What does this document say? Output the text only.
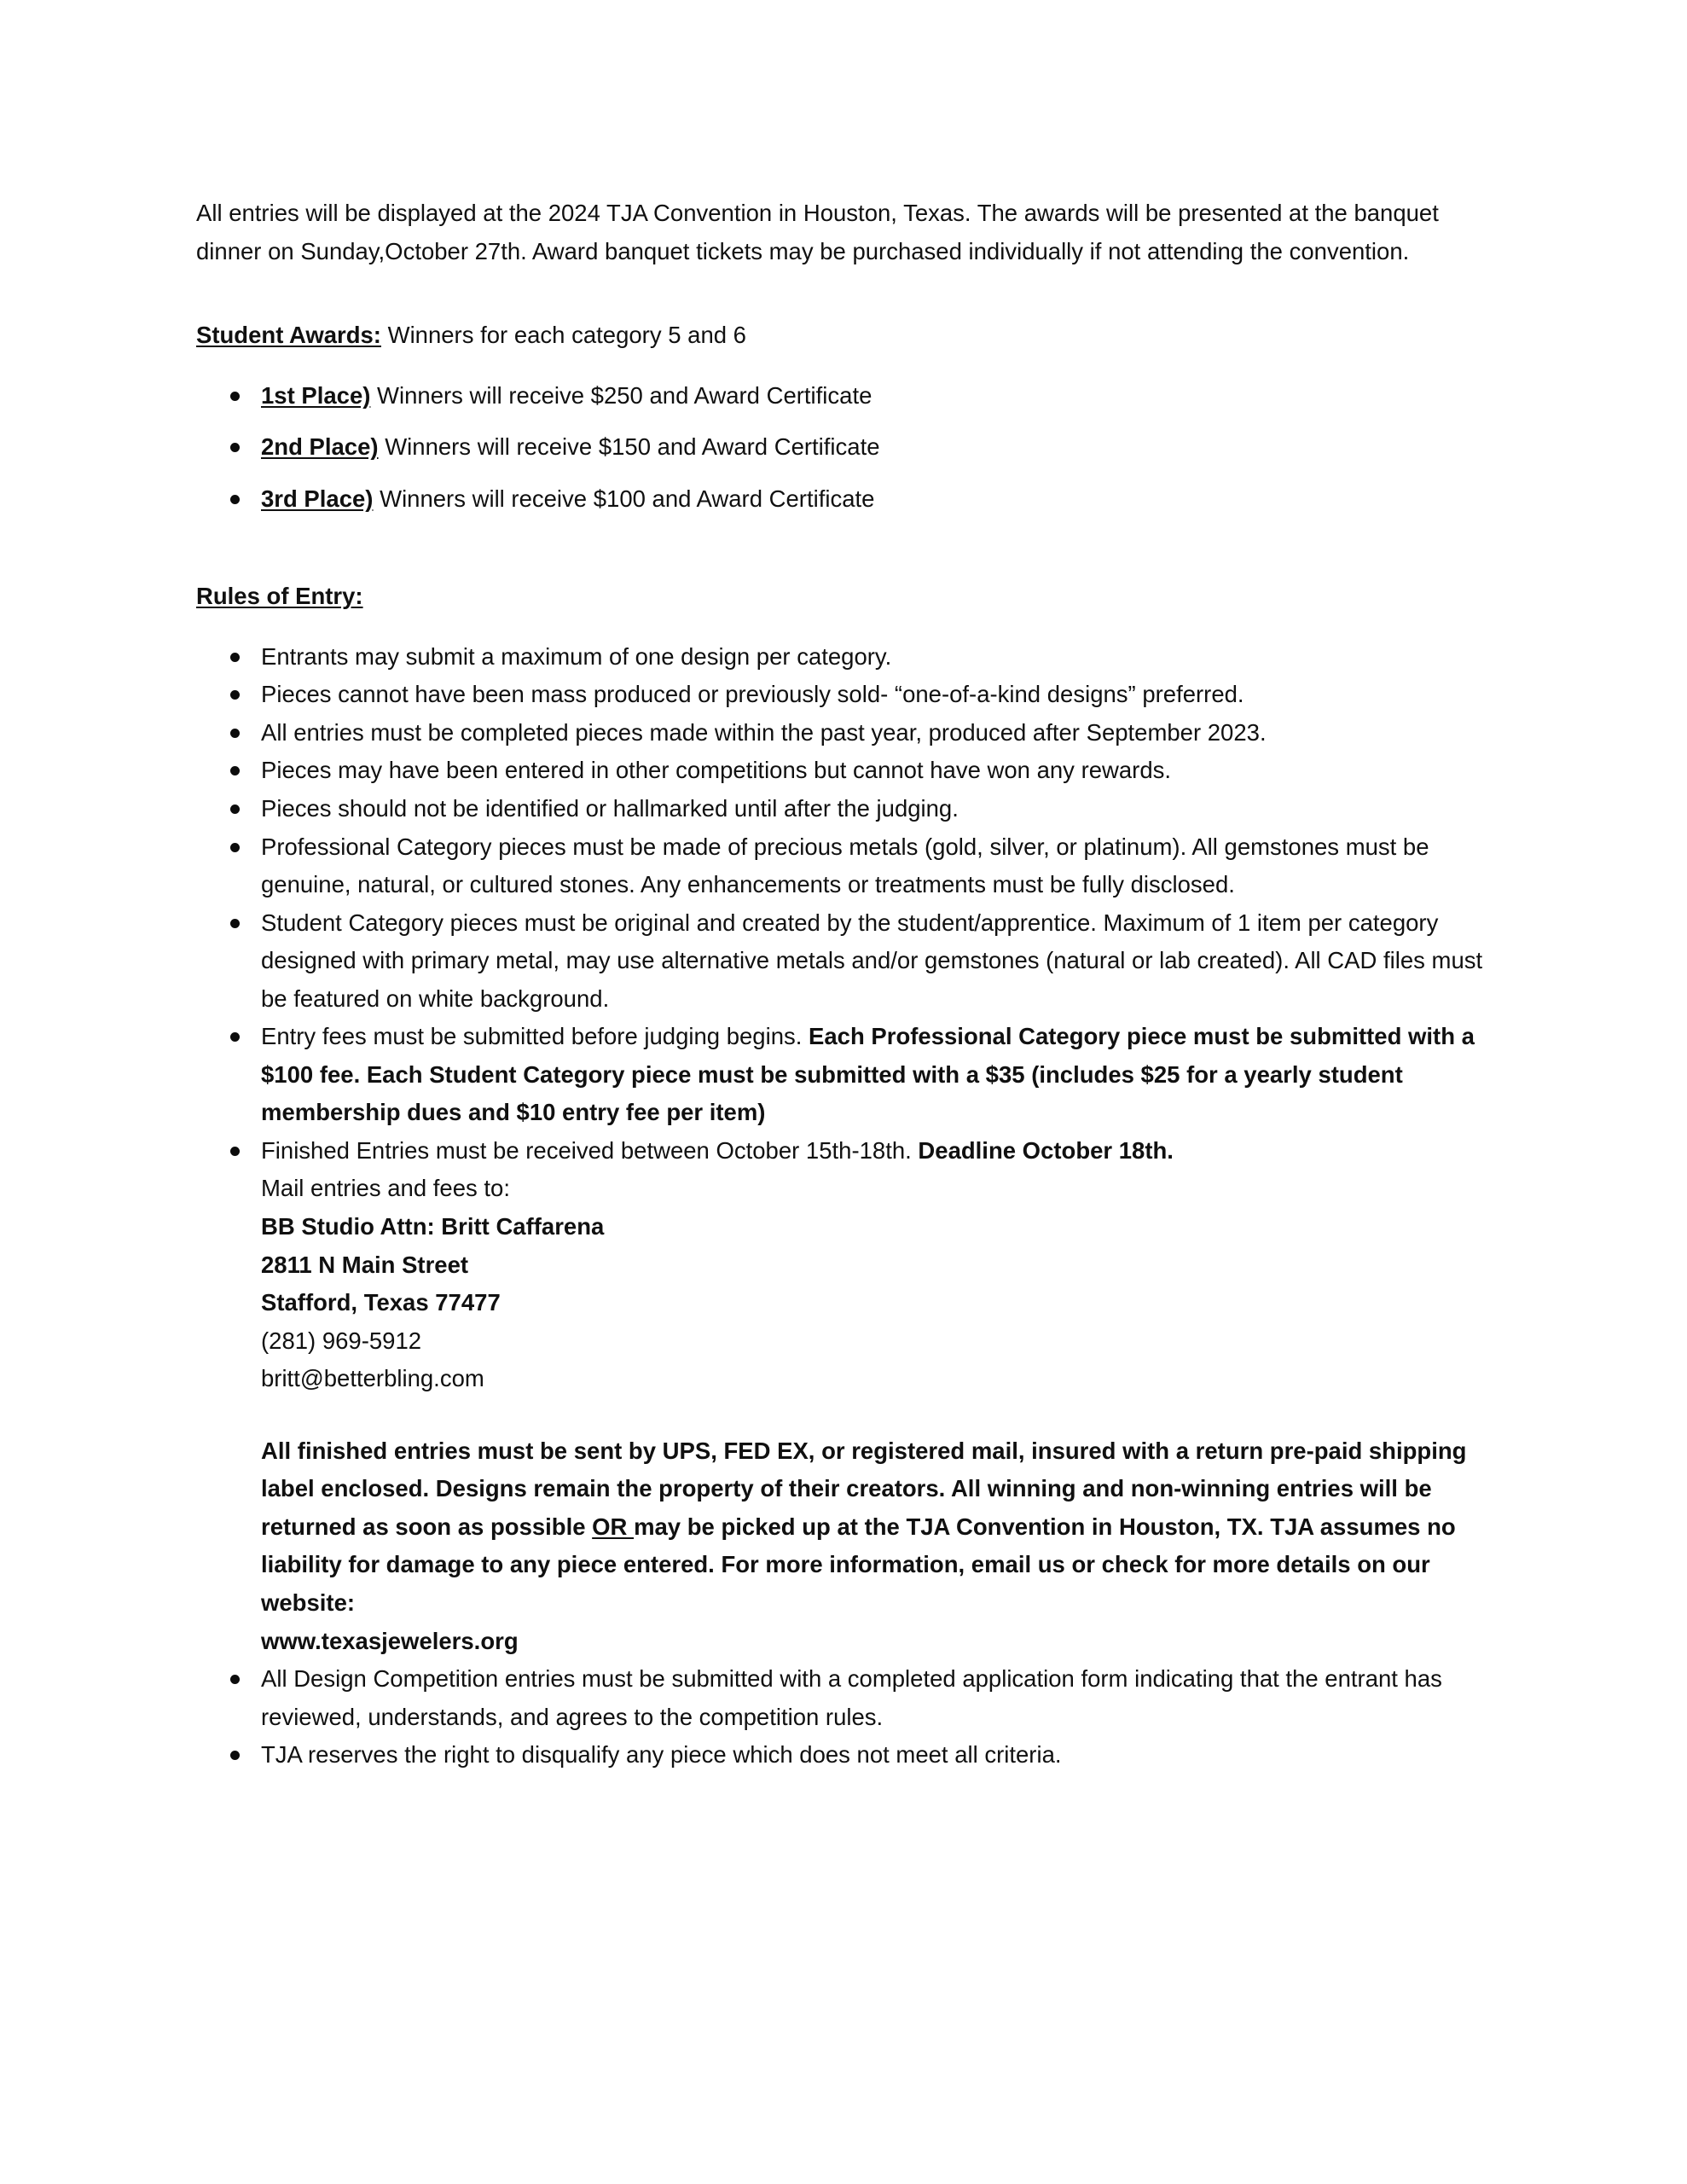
All entries will be displayed at the 2024 TJA Convention in Houston, Texas. The awards will be presented at the banquet dinner on Sunday,October 27th. Award banquet tickets may be purchased individually if not attending the convention.

Student Awards: Winners for each category 5 and 6

1st Place) Winners will receive $250 and Award Certificate
2nd Place) Winners will receive $150 and Award Certificate
3rd Place) Winners will receive $100 and Award Certificate

Rules of Entry:

Entrants may submit a maximum of one design per category.
Pieces cannot have been mass produced or previously sold- “one-of-a-kind designs” preferred.
All entries must be completed pieces made within the past year, produced after September 2023.
Pieces may have been entered in other competitions but cannot have won any rewards.
Pieces should not be identified or hallmarked until after the judging.
Professional Category pieces must be made of precious metals (gold, silver, or platinum). All gemstones must be genuine, natural, or cultured stones. Any enhancements or treatments must be fully disclosed.
Student Category pieces must be original and created by the student/apprentice. Maximum of 1 item per category designed with primary metal, may use alternative metals and/or gemstones (natural or lab created). All CAD files must be featured on white background.
Entry fees must be submitted before judging begins. Each Professional Category piece must be submitted with a $100 fee. Each Student Category piece must be submitted with a $35 (includes $25 for a yearly student membership dues and $10 entry fee per item)
Finished Entries must be received between October 15th-18th. Deadline October 18th.

Mail entries and fees to:

BB Studio Attn: Britt Caffarena

2811 N Main Street

Stafford, Texas 77477

(281) 969-5912

britt@betterbling.com

All finished entries must be sent by UPS, FED EX, or registered mail, insured with a return pre-paid shipping label enclosed. Designs remain the property of their creators. All winning and non-winning entries will be returned as soon as possible OR may be picked up at the TJA Convention in Houston, TX. TJA assumes no liability for damage to any piece entered. For more information, email us or check for more details on our website:

www.texasjewelers.org

All Design Competition entries must be submitted with a completed application form indicating that the entrant has reviewed, understands, and agrees to the competition rules.
TJA reserves the right to disqualify any piece which does not meet all criteria.
